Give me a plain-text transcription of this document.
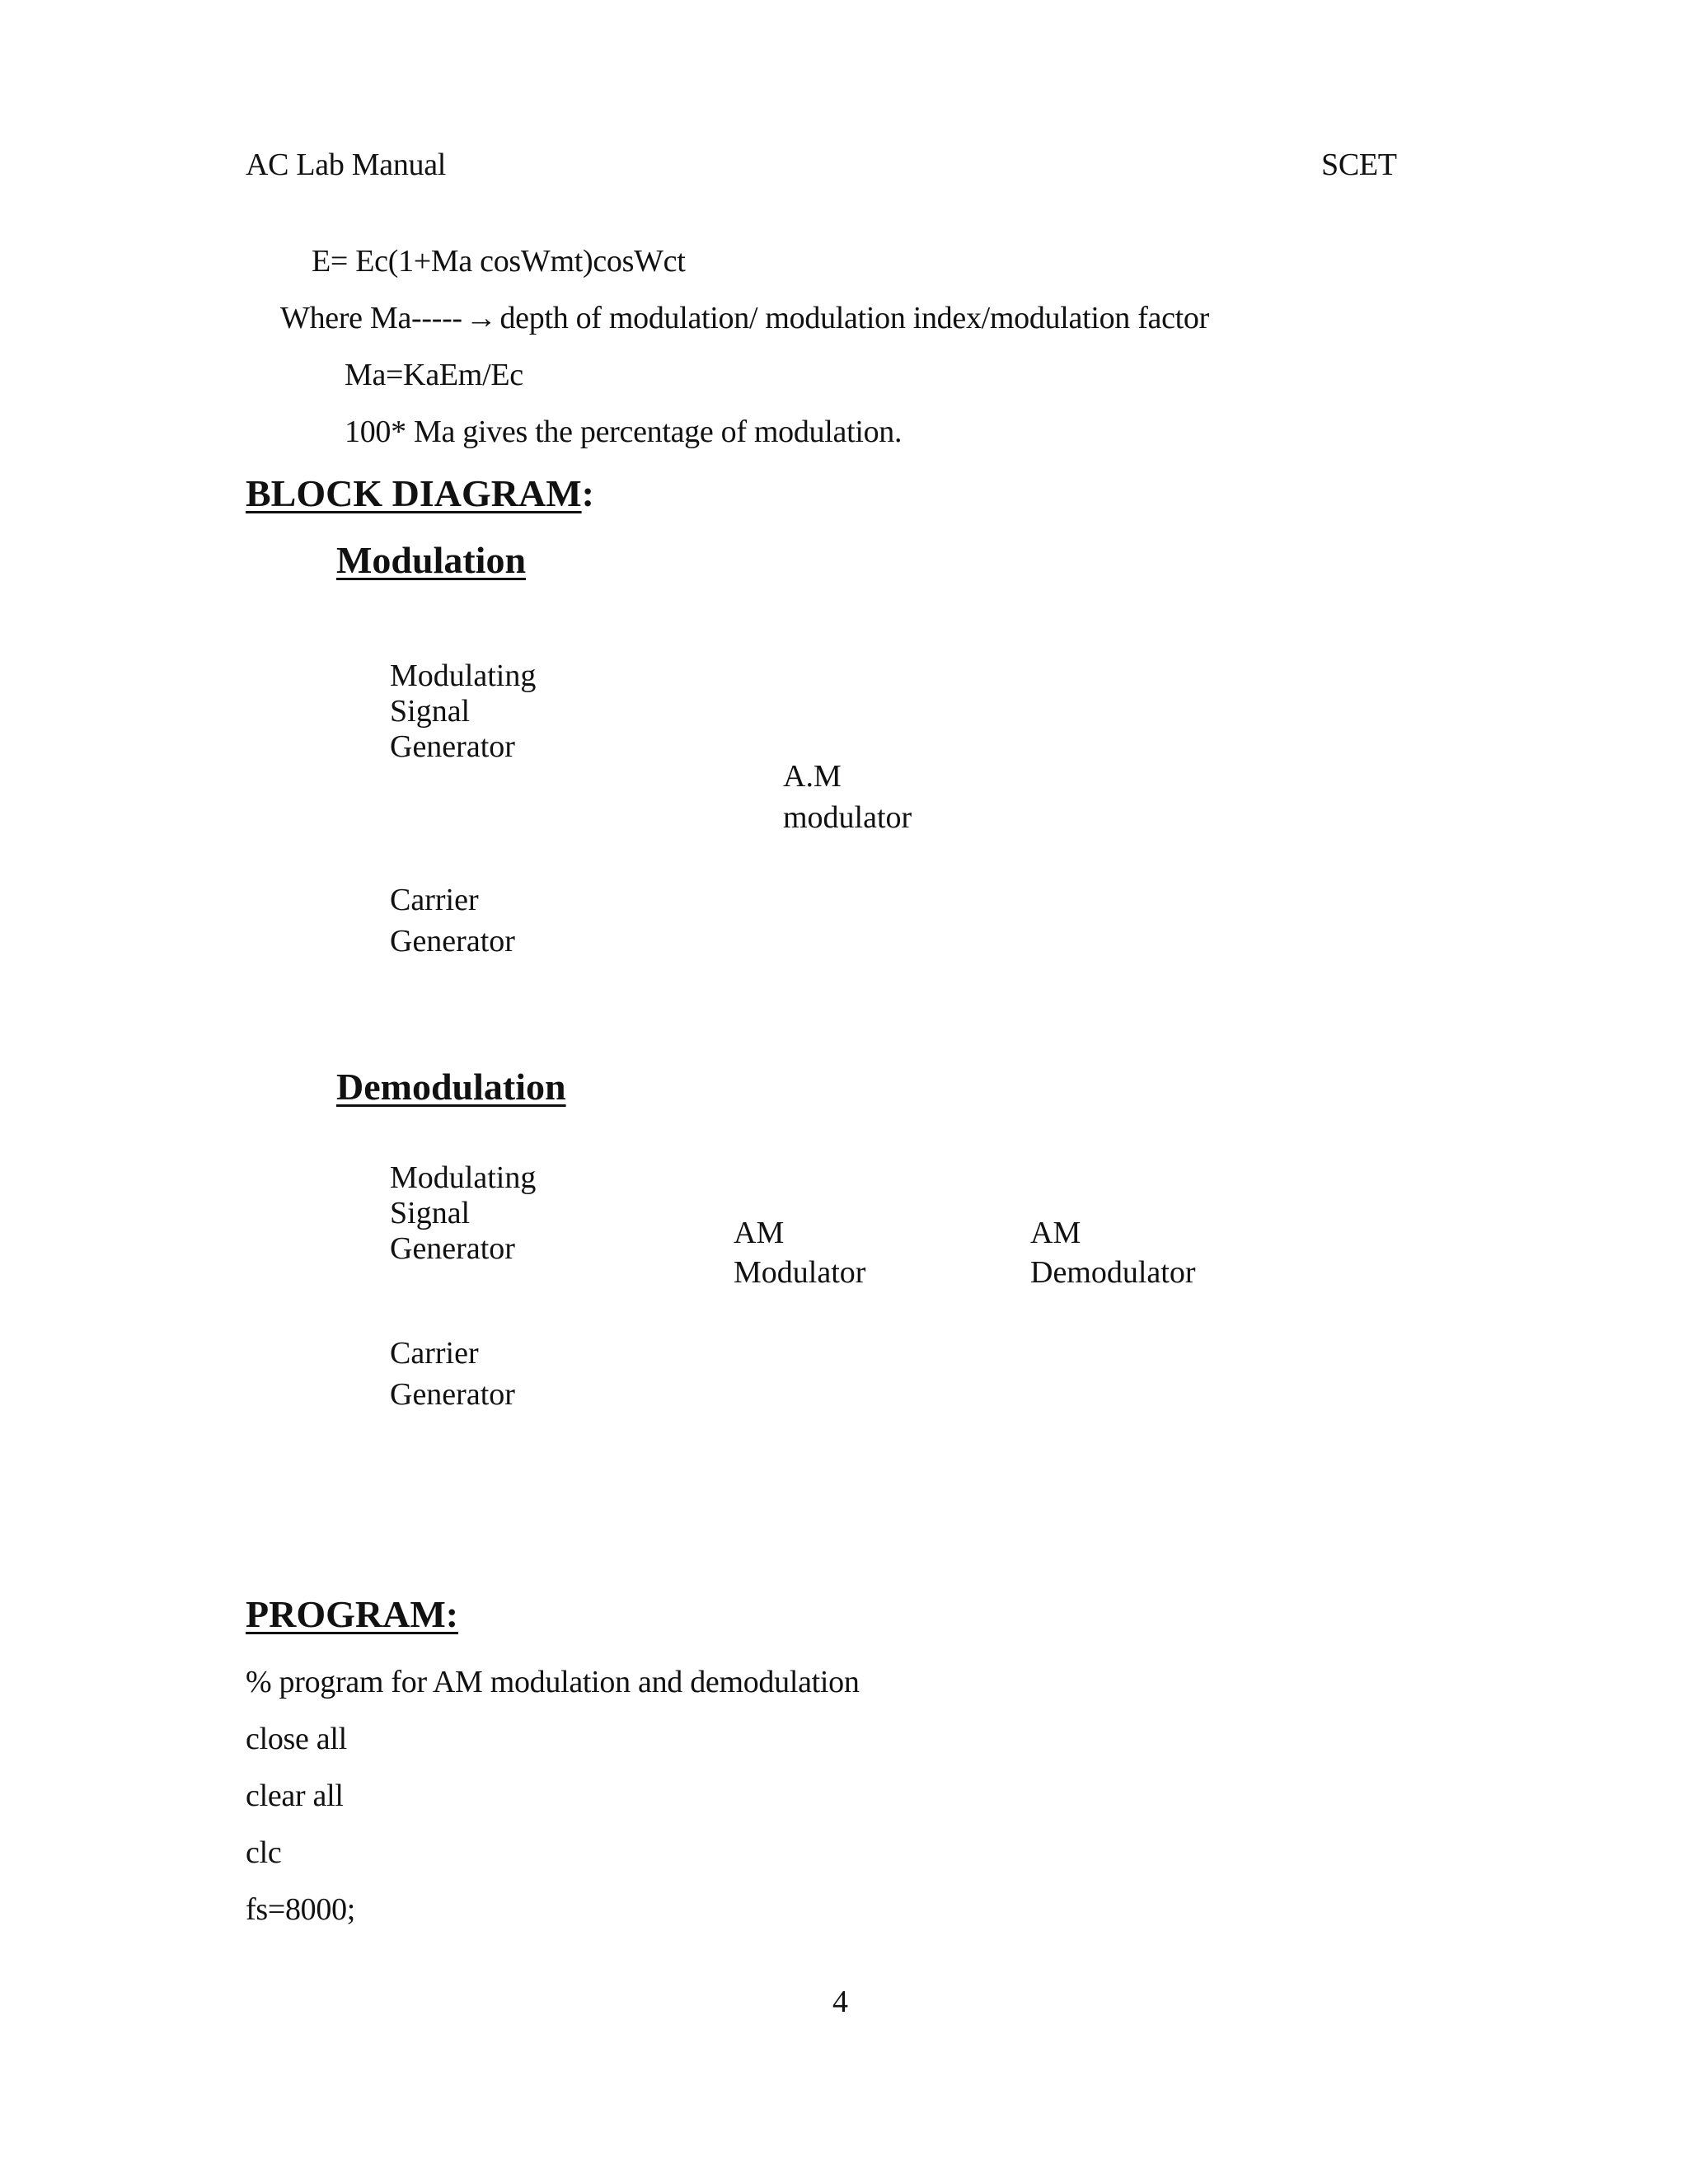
AC Lab Manual	SCET
E= Ec(1+Ma cosWmt)cosWct
Where Ma----- → depth of modulation/ modulation index/modulation factor
Ma=KaEm/Ec
100* Ma gives the percentage of modulation.
BLOCK DIAGRAM:
Modulation
Modulating
Signal
Generator
A.M
modulator
Carrier
Generator
Demodulation
Modulating
Signal
Generator	AM
Modulator
AM
Demodulator
Carrier
Generator
PROGRAM:
% program for AM modulation and demodulation
close all
clear all
clc
fs=8000;
4
